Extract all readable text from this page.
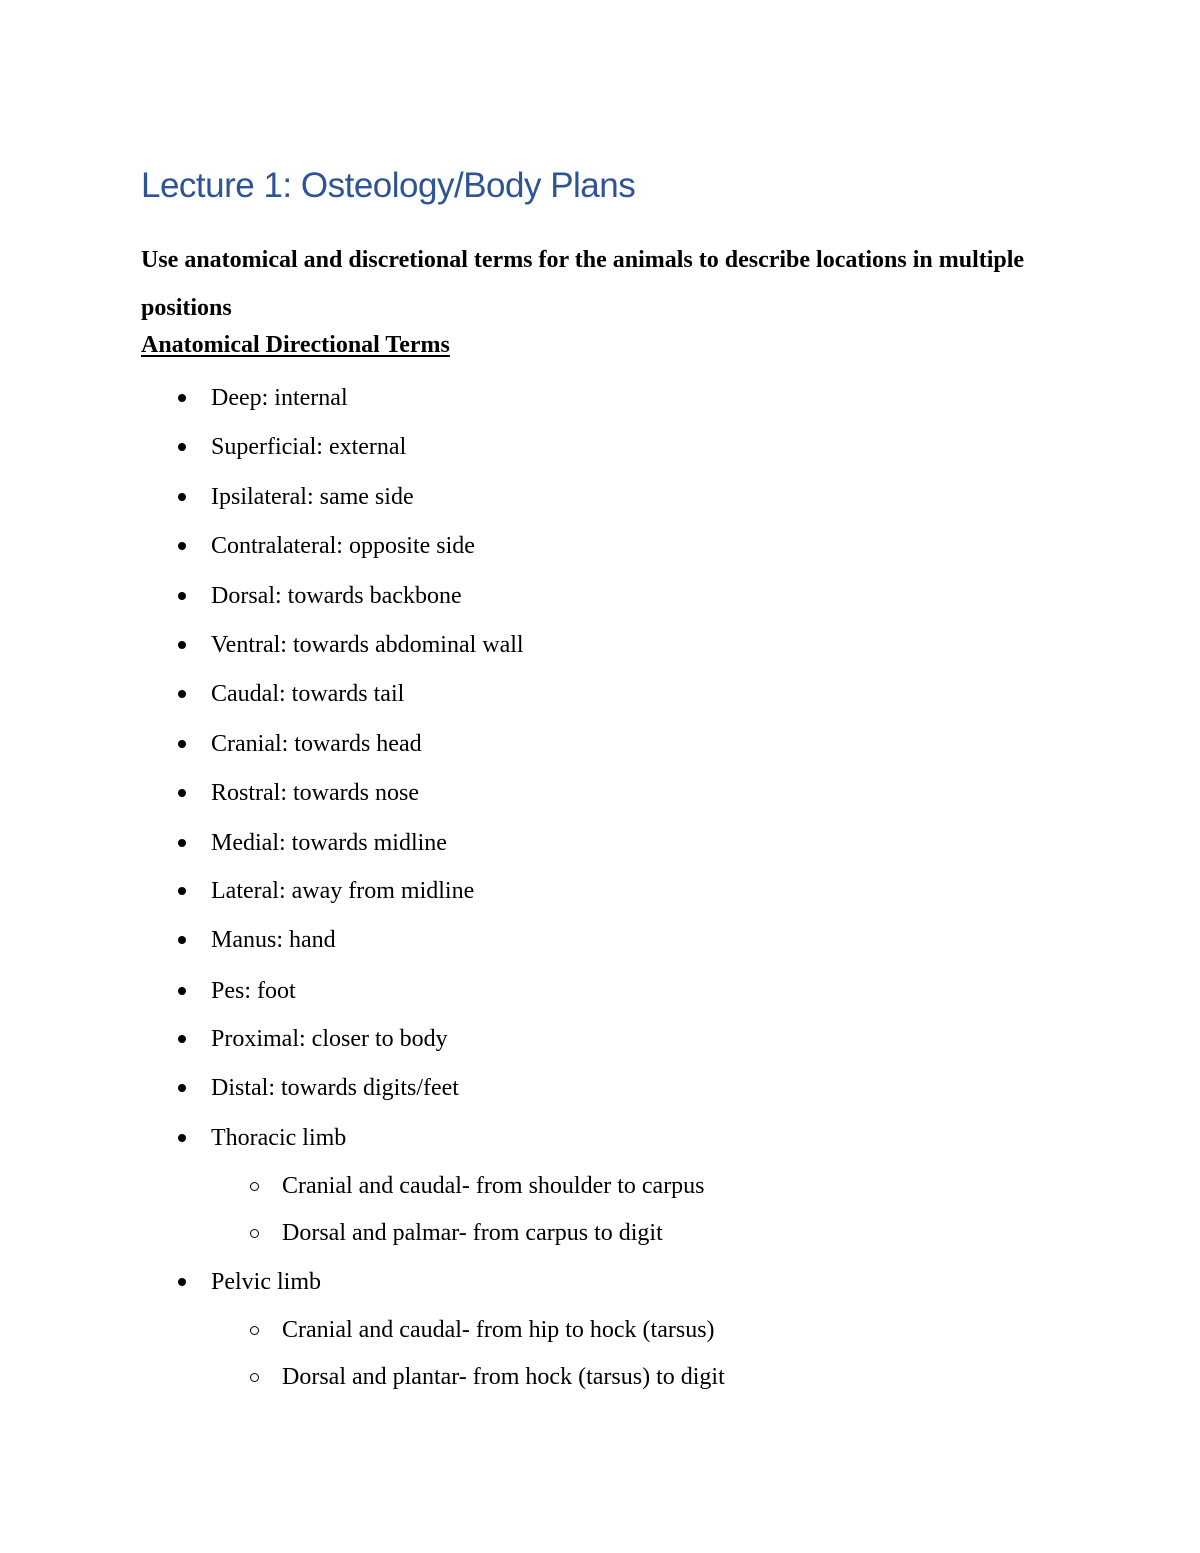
Lecture 1: Osteology/Body Plans

Use anatomical and discretional terms for the animals to describe locations in multiple positions

Anatomical Directional Terms
Deep: internal
Superficial: external
Ipsilateral: same side
Contralateral: opposite side
Dorsal: towards backbone
Ventral: towards abdominal wall
Caudal: towards tail
Cranial: towards head
Rostral: towards nose
Medial: towards midline
Lateral: away from midline
Manus: hand
Pes: foot
Proximal: closer to body
Distal: towards digits/feet
Thoracic limb
Cranial and caudal- from shoulder to carpus
Dorsal and palmar- from carpus to digit
Pelvic limb
Cranial and caudal- from hip to hock (tarsus)
Dorsal and plantar- from hock (tarsus) to digit
